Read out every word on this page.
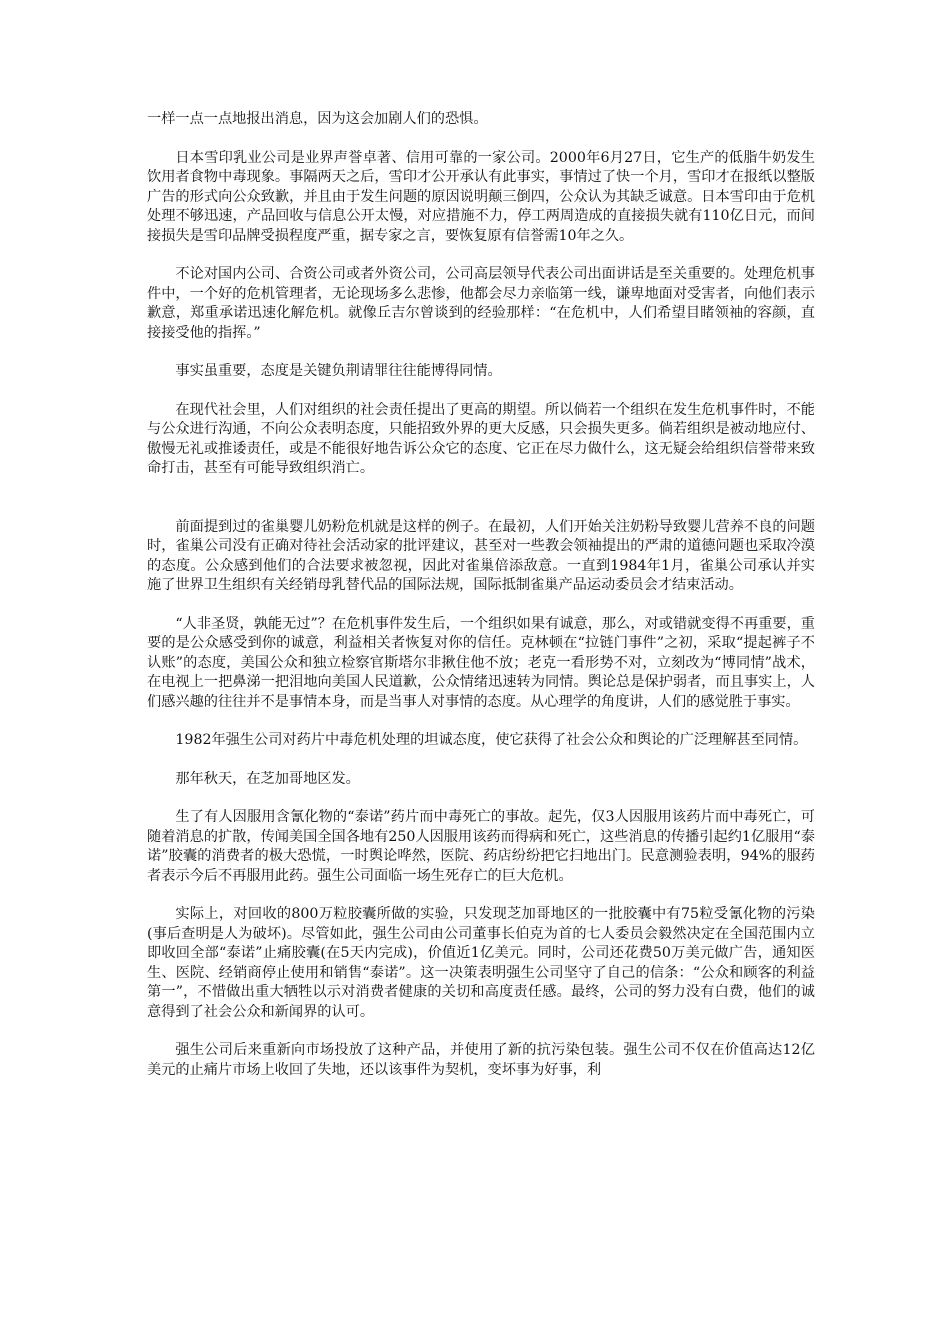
一样一点一点地报出消息，因为这会加剧人们的恐惧。

日本雪印乳业公司是业界声誉卓著、信用可靠的一家公司。2000年6月27日，它生产的低脂牛奶发生饮用者食物中毒现象。事隔两天之后，雪印才公开承认有此事实，事情过了快一个月，雪印才在报纸以整版广告的形式向公众致歉，并且由于发生问题的原因说明颠三倒四，公众认为其缺乏诚意。日本雪印由于危机处理不够迅速，产品回收与信息公开太慢，对应措施不力，停工两周造成的直接损失就有110亿日元，而间接损失是雪印品牌受损程度严重，据专家之言，要恢复原有信誉需10年之久。

不论对国内公司、合资公司或者外资公司，公司高层领导代表公司出面讲话是至关重要的。处理危机事件中，一个好的危机管理者，无论现场多么悲惨，他都会尽力亲临第一线，谦卑地面对受害者，向他们表示歉意，郑重承诺迅速化解危机。就像丘吉尔曾谈到的经验那样：“在危机中，人们希望目睹领袖的容颜，直接接受他的指挥。”

事实虽重要，态度是关键负荆请罪往往能博得同情。

在现代社会里，人们对组织的社会责任提出了更高的期望。所以倘若一个组织在发生危机事件时，不能与公众进行沟通，不向公众表明态度，只能招致外界的更大反感，只会损失更多。倘若组织是被动地应付、傲慢无礼或推诿责任，或是不能很好地告诉公众它的态度、它正在尽力做什么，这无疑会给组织信誉带来致命打击，甚至有可能导致组织消亡。

前面提到过的雀巢婴儿奶粉危机就是这样的例子。在最初，人们开始关注奶粉导致婴儿营养不良的问题时，雀巢公司没有正确对待社会活动家的批评建议，甚至对一些教会领袖提出的严肃的道德问题也采取冷漠的态度。公众感到他们的合法要求被忽视，因此对雀巢倍添敌意。一直到1984年1月，雀巢公司承认并实施了世界卫生组织有关经销母乳替代品的国际法规，国际抵制雀巢产品运动委员会才结束活动。

“人非圣贤，孰能无过”？在危机事件发生后，一个组织如果有诚意，那么，对或错就变得不再重要，重要的是公众感受到你的诚意，利益相关者恢复对你的信任。克林顿在“拉链门事件”之初，采取“提起裤子不认账”的态度，美国公众和独立检察官斯塔尔非揪住他不放；老克一看形势不对，立刻改为“博同情”战术，在电视上一把鼻涕一把泪地向美国人民道歉，公众情绪迅速转为同情。舆论总是保护弱者，而且事实上，人们感兴趣的往往并不是事情本身，而是当事人对事情的态度。从心理学的角度讲，人们的感觉胜于事实。

1982年强生公司对药片中毒危机处理的坦诚态度，使它获得了社会公众和舆论的广泛理解甚至同情。

那年秋天，在芝加哥地区发。

生了有人因服用含氰化物的“泰诺”药片而中毒死亡的事故。起先，仅3人因服用该药片而中毒死亡，可随着消息的扩散，传闻美国全国各地有250人因服用该药而得病和死亡，这些消息的传播引起约1亿服用“泰诺”胶囊的消费者的极大恐慌，一时舆论哗然，医院、药店纷纷把它扫地出门。民意测验表明，94%的服药者表示今后不再服用此药。强生公司面临一场生死存亡的巨大危机。

实际上，对回收的800万粒胶囊所做的实验，只发现芝加哥地区的一批胶囊中有75粒受氰化物的污染(事后查明是人为破坏)。尽管如此，强生公司由公司董事长伯克为首的七人委员会毅然决定在全国范围内立即收回全部“泰诺”止痛胶囊(在5天内完成)，价值近1亿美元。同时，公司还花费50万美元做广告，通知医生、医院、经销商停止使用和销售“泰诺”。这一决策表明强生公司坚守了自己的信条：“公众和顾客的利益第一”，不惜做出重大牺牲以示对消费者健康的关切和高度责任感。最终，公司的努力没有白费，他们的诚意得到了社会公众和新闻界的认可。

强生公司后来重新向市场投放了这种产品，并使用了新的抗污染包装。强生公司不仅在价值高达12亿美元的止痛片市场上收回了失地，还以该事件为契机，变坏事为好事，利
